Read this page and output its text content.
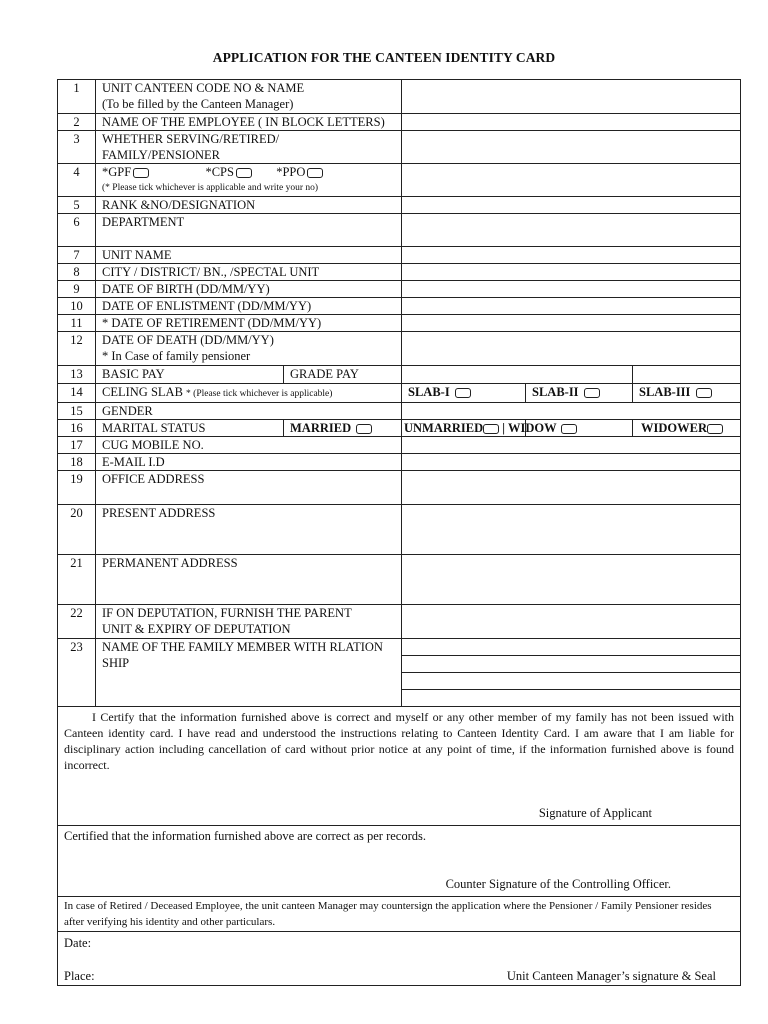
APPLICATION FOR THE CANTEEN IDENTITY CARD
1	UNIT CANTEEN CODE NO & NAME
(To be filled by the Canteen Manager)

2	NAME OF THE EMPLOYEE ( IN BLOCK LETTERS)	
3	WHETHER SERVING/RETIRED/
FAMILY/PENSIONER

4	*GPF	*CPS	*PPO
(* Please tick whichever is applicable and write your no)

5	RANK &NO/DESIGNATION	
6	DEPARTMENT	
7	UNIT NAME	
8	CITY / DISTRICT/ BN., /SPECTAL UNIT	
9	DATE OF BIRTH (DD/MM/YY)	
10	DATE OF ENLISTMENT (DD/MM/YY)	
11	* DATE OF RETIREMENT (DD/MM/YY)	
12	DATE OF DEATH (DD/MM/YY)
* In Case of family pensioner

13	BASIC PAY	GRADE PAY		
14	CELING SLAB * (Please tick whichever is applicable)	SLAB-I	SLAB-II	SLAB-III
15	GENDER	
16	MARITAL STATUS	MARRIED	UNMARRIED | WIDOW		WIDOWER
17	CUG MOBILE NO.	
18	E-MAIL I.D	
19	OFFICE ADDRESS	
20	PRESENT ADDRESS	
21	PERMANENT ADDRESS	
22	IF ON DEPUTATION, FURNISH THE PARENT
UNIT & EXPIRY OF DEPUTATION

23	NAME OF THE FAMILY MEMBER WITH RLATION
SHIP

I Certify that the information furnished above is correct and myself or any other member of my family has not been issued with Canteen identity card. I have read and understood the instructions relating to Canteen Identity Card. I am aware that I am liable for disciplinary action including cancellation of card without prior notice at any point of time, if the information furnished above is found incorrect.
Signature of Applicant

Certified that the information furnished above are correct as per records.
Counter Signature of the Controlling Officer.

In case of Retired / Deceased Employee, the unit canteen Manager may countersign the application where the Pensioner / Family Pensioner resides after verifying his identity and other particulars.

Date:
Place:	Unit Canteen Manager’s signature & Seal
